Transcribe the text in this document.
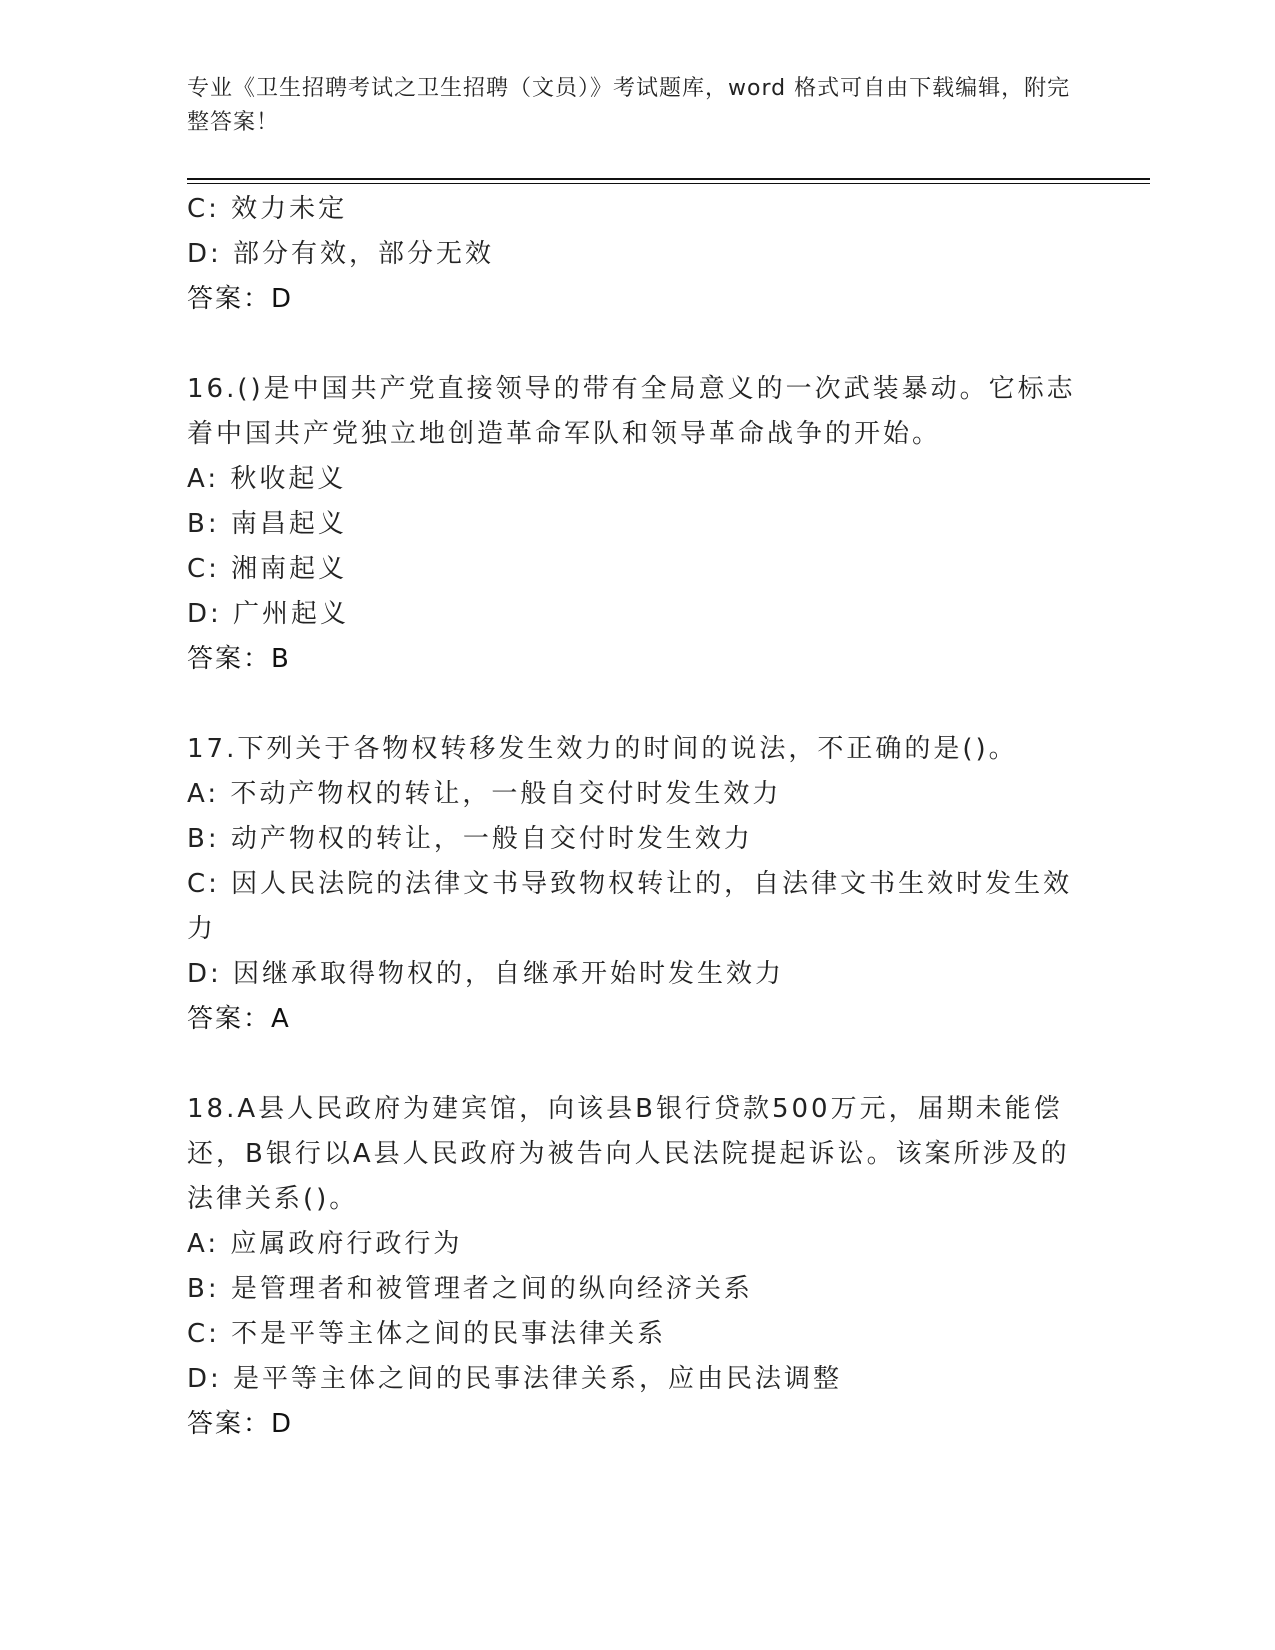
专业《卫生招聘考试之卫生招聘（文员）》考试题库，word 格式可自由下载编辑，附完整答案！
C: 效力未定
D: 部分有效，部分无效
答案：D
16.()是中国共产党直接领导的带有全局意义的一次武装暴动。它标志着中国共产党独立地创造革命军队和领导革命战争的开始。
A: 秋收起义
B: 南昌起义
C: 湘南起义
D: 广州起义
答案：B
17.下列关于各物权转移发生效力的时间的说法，不正确的是()。
A: 不动产物权的转让，一般自交付时发生效力
B: 动产物权的转让，一般自交付时发生效力
C: 因人民法院的法律文书导致物权转让的，自法律文书生效时发生效力
D: 因继承取得物权的，自继承开始时发生效力
答案：A
18.A县人民政府为建宾馆，向该县B银行贷款500万元，届期未能偿还，B银行以A县人民政府为被告向人民法院提起诉讼。该案所涉及的法律关系()。
A: 应属政府行政行为
B: 是管理者和被管理者之间的纵向经济关系
C: 不是平等主体之间的民事法律关系
D: 是平等主体之间的民事法律关系，应由民法调整
答案：D
